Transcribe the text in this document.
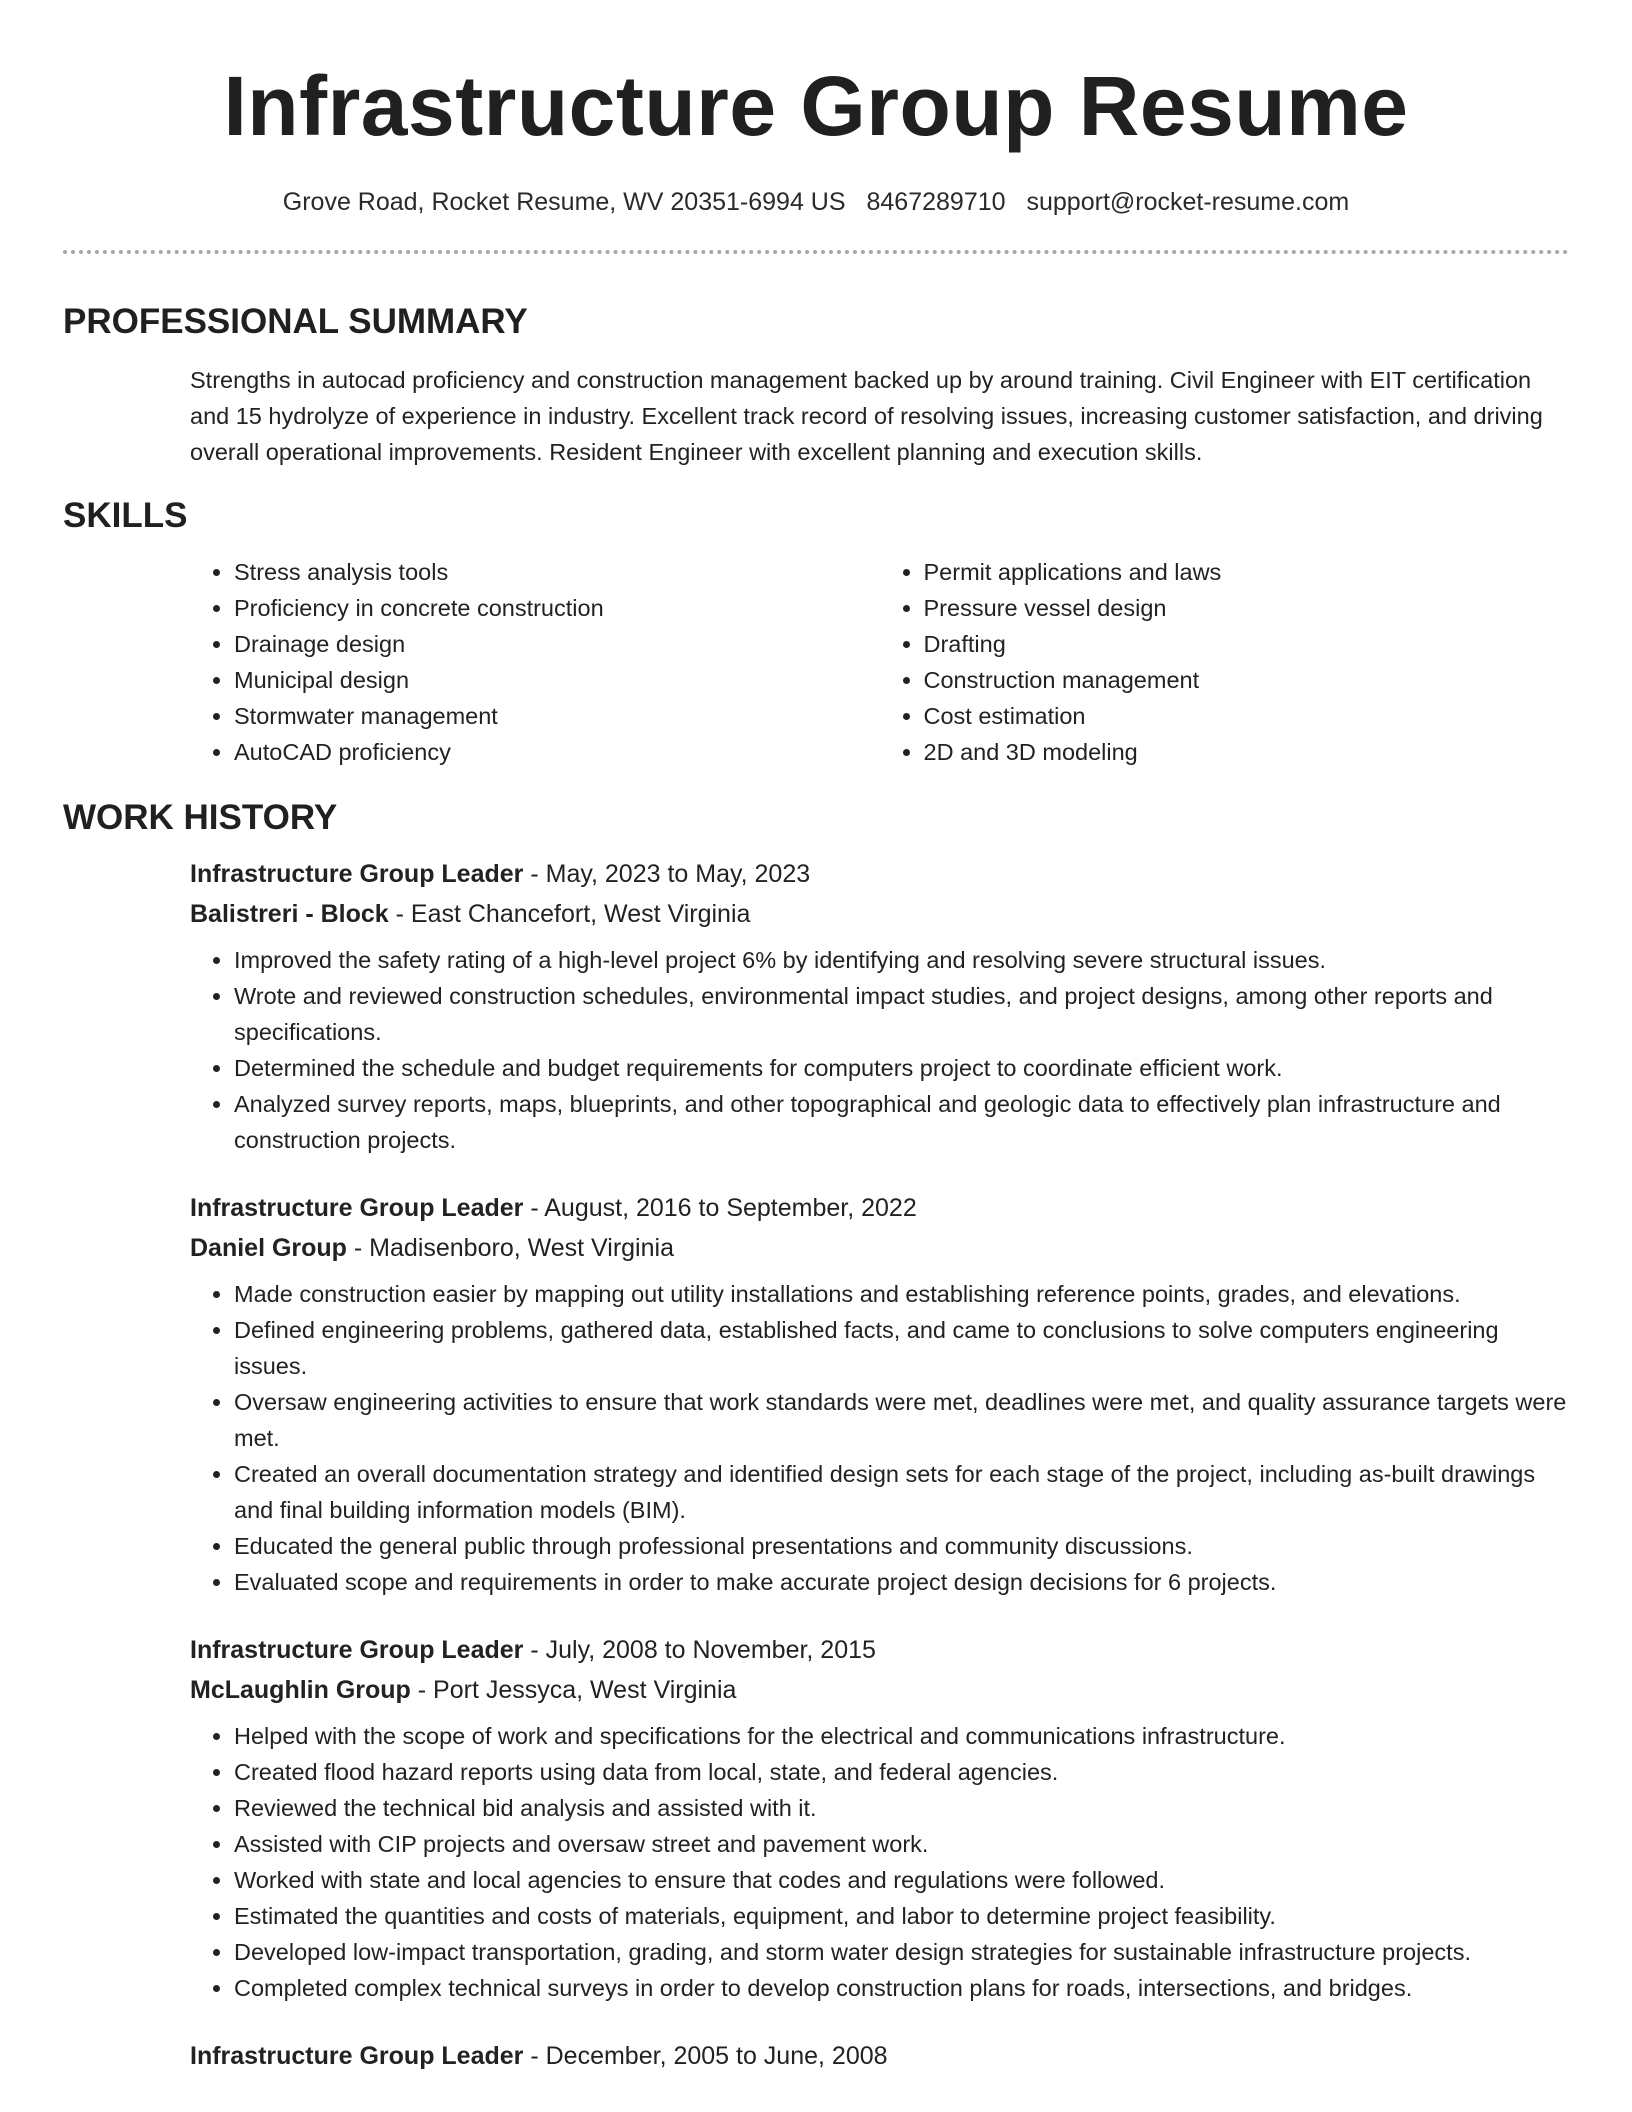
Infrastructure Group Resume
Grove Road, Rocket Resume, WV 20351-6994 US 8467289710 support@rocket-resume.com
PROFESSIONAL SUMMARY

Strengths in autocad proficiency and construction management backed up by around training. Civil Engineer with EIT certification and 15 hydrolyze of experience in industry. Excellent track record of resolving issues, increasing customer satisfaction, and driving overall operational improvements. Resident Engineer with excellent planning and execution skills.

SKILLS
• Stress analysis tools
• Proficiency in concrete construction
• Drainage design
• Municipal design
• Stormwater management
• AutoCAD proficiency
• Permit applications and laws
• Pressure vessel design
• Drafting
• Construction management
• Cost estimation
• 2D and 3D modeling
WORK HISTORY
Infrastructure Group Leader - May, 2023 to May, 2023
Balistreri - Block - East Chancefort, West Virginia
• Improved the safety rating of a high-level project 6% by identifying and resolving severe structural issues.
• Wrote and reviewed construction schedules, environmental impact studies, and project designs, among other reports and specifications.
• Determined the schedule and budget requirements for computers project to coordinate efficient work.
• Analyzed survey reports, maps, blueprints, and other topographical and geologic data to effectively plan infrastructure and construction projects.
Infrastructure Group Leader - August, 2016 to September, 2022
Daniel Group - Madisenboro, West Virginia
• Made construction easier by mapping out utility installations and establishing reference points, grades, and elevations.
• Defined engineering problems, gathered data, established facts, and came to conclusions to solve computers engineering issues.
• Oversaw engineering activities to ensure that work standards were met, deadlines were met, and quality assurance targets were met.
• Created an overall documentation strategy and identified design sets for each stage of the project, including as-built drawings and final building information models (BIM).
• Educated the general public through professional presentations and community discussions.
• Evaluated scope and requirements in order to make accurate project design decisions for 6 projects.
Infrastructure Group Leader - July, 2008 to November, 2015
McLaughlin Group - Port Jessyca, West Virginia
• Helped with the scope of work and specifications for the electrical and communications infrastructure.
• Created flood hazard reports using data from local, state, and federal agencies.
• Reviewed the technical bid analysis and assisted with it.
• Assisted with CIP projects and oversaw street and pavement work.
• Worked with state and local agencies to ensure that codes and regulations were followed.
• Estimated the quantities and costs of materials, equipment, and labor to determine project feasibility.
• Developed low-impact transportation, grading, and storm water design strategies for sustainable infrastructure projects.
• Completed complex technical surveys in order to develop construction plans for roads, intersections, and bridges.
Infrastructure Group Leader - December, 2005 to June, 2008
